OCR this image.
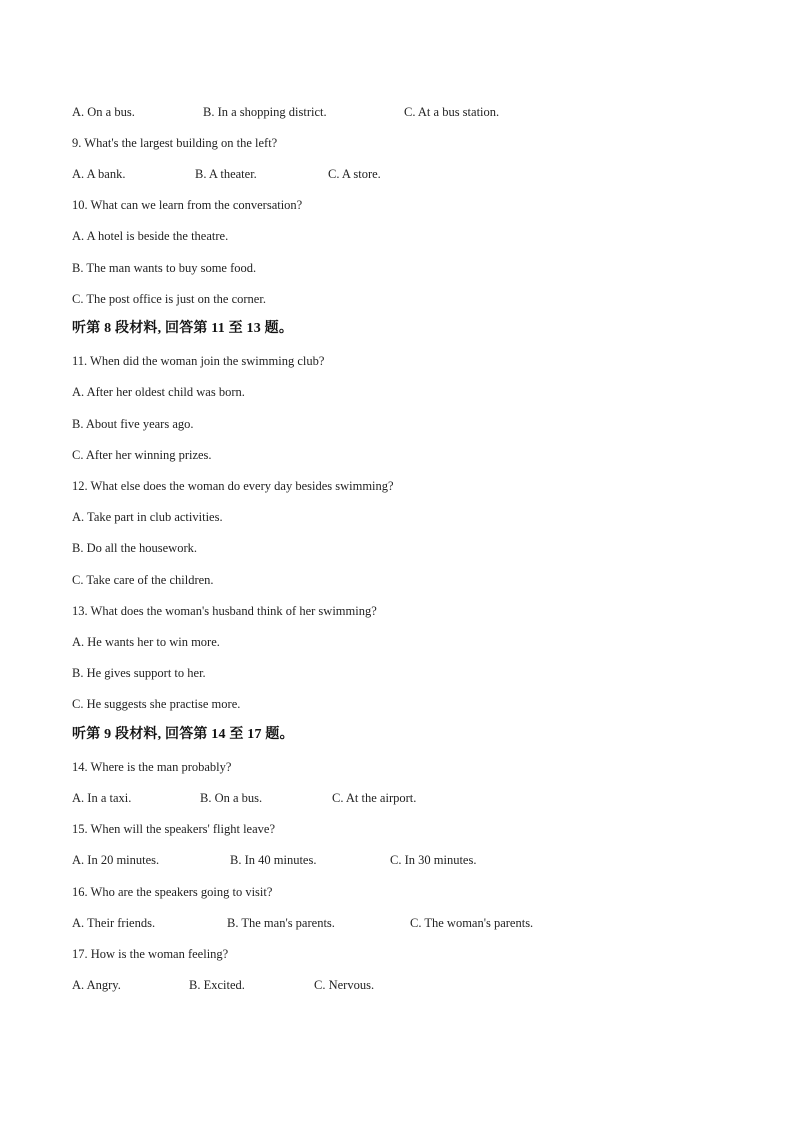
A. On a bus.	B. In a shopping district.	C. At a bus station.
9. What's the largest building on the left?
A. A bank.	B. A theater.	C. A store.
10. What can we learn from the conversation?
A. A hotel is beside the theatre.
B. The man wants to buy some food.
C. The post office is just on the corner.
听第 8 段材料, 回答第 11 至 13 题。
11. When did the woman join the swimming club?
A. After her oldest child was born.
B. About five years ago.
C. After her winning prizes.
12. What else does the woman do every day besides swimming?
A. Take part in club activities.
B. Do all the housework.
C. Take care of the children.
13. What does the woman's husband think of her swimming?
A. He wants her to win more.
B. He gives support to her.
C. He suggests she practise more.
听第 9 段材料, 回答第 14 至 17 题。
14. Where is the man probably?
A. In a taxi.	B. On a bus.	C. At the airport.
15. When will the speakers' flight leave?
A. In 20 minutes.	B. In 40 minutes.	C. In 30 minutes.
16. Who are the speakers going to visit?
A. Their friends.	B. The man's parents.	C. The woman's parents.
17. How is the woman feeling?
A. Angry.	B. Excited.	C. Nervous.
